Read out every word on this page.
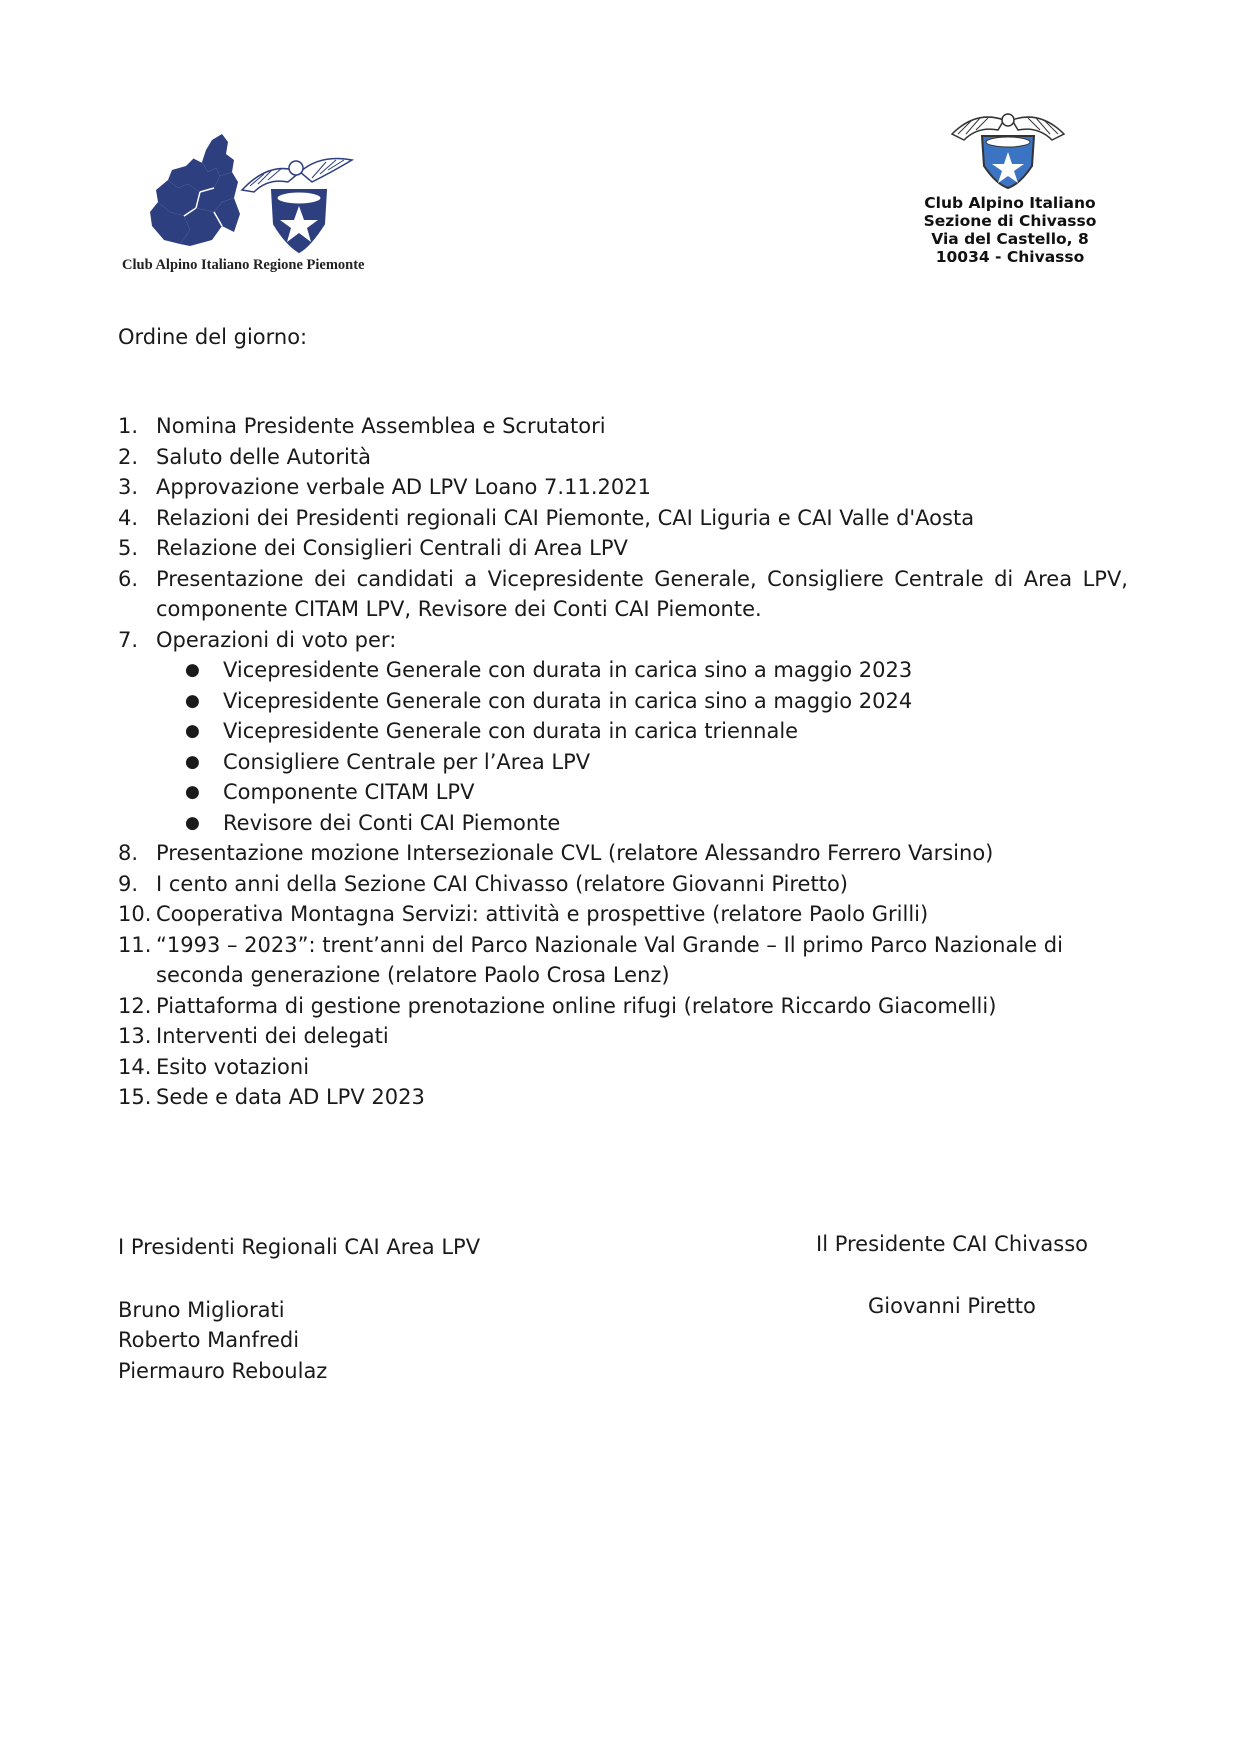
Club Alpino Italiano Regione Piemonte
Club Alpino Italiano
Sezione di Chivasso
Via del Castello, 8
10034 - Chivasso
Ordine del giorno:
1. Nomina Presidente Assemblea e Scrutatori
2. Saluto delle Autorità
3. Approvazione verbale AD LPV Loano 7.11.2021
4. Relazioni dei Presidenti regionali CAI Piemonte, CAI Liguria e CAI Valle d'Aosta
5. Relazione dei Consiglieri Centrali di Area LPV
6. Presentazione dei candidati a Vicepresidente Generale, Consigliere Centrale di Area LPV, componente CITAM LPV, Revisore dei Conti CAI Piemonte.
7. Operazioni di voto per:
●	Vicepresidente Generale con durata in carica sino a maggio 2023
●	Vicepresidente Generale con durata in carica sino a maggio 2024
●	Vicepresidente Generale con durata in carica triennale
●	Consigliere Centrale per l’Area LPV
●	Componente CITAM LPV
●	Revisore dei Conti CAI Piemonte
8. Presentazione mozione Intersezionale CVL (relatore Alessandro Ferrero Varsino)
9. I cento anni della Sezione CAI Chivasso (relatore Giovanni Piretto)
10. Cooperativa Montagna Servizi: attività e prospettive (relatore Paolo Grilli)
11. “1993 – 2023”: trent’anni del Parco Nazionale Val Grande – Il primo Parco Nazionale di seconda generazione (relatore Paolo Crosa Lenz)
12. Piattaforma di gestione prenotazione online rifugi (relatore Riccardo Giacomelli)
13. Interventi dei delegati
14. Esito votazioni
15. Sede e data AD LPV 2023
I Presidenti Regionali CAI Area LPV
Bruno Migliorati
Roberto Manfredi
Piermauro Reboulaz
Il Presidente CAI Chivasso
Giovanni Piretto
